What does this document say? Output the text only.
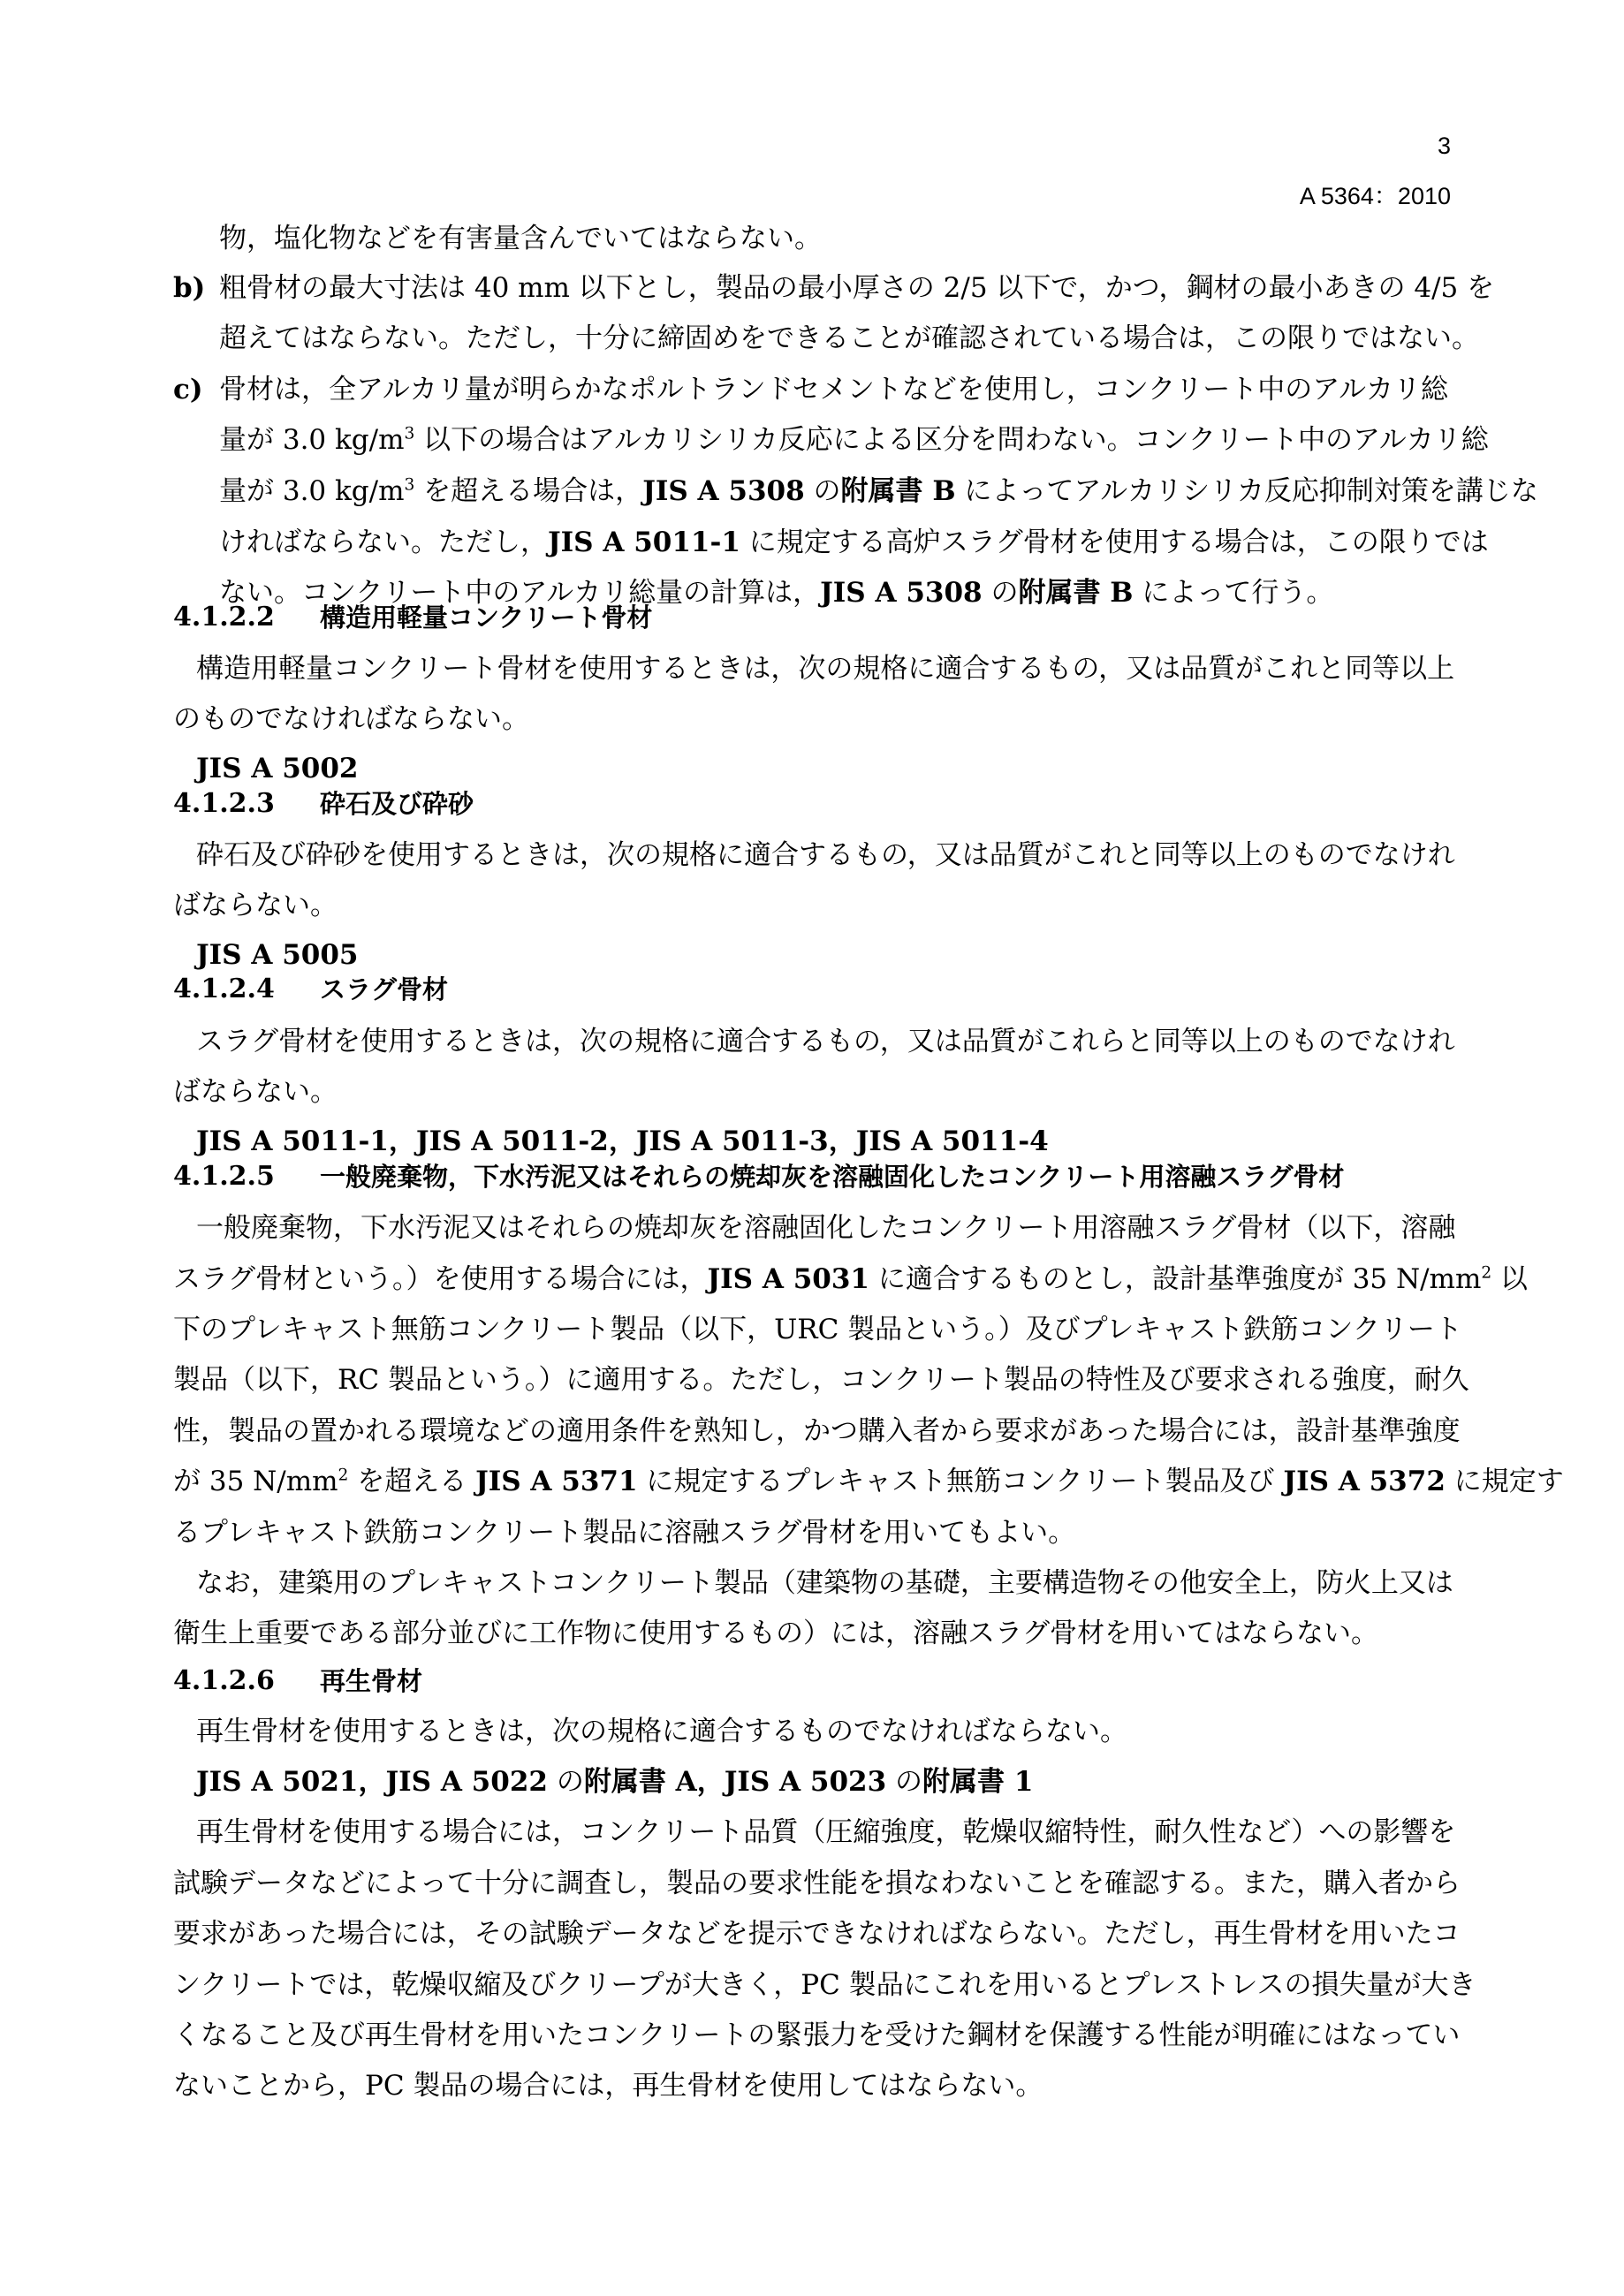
3
A 5364：2010
b)
c)
4.1.2.2 構造用軽量コンクリート骨材
4.1.2.3 砕石及び砕砂
4.1.2.4 スラグ骨材
4.1.2.5 一般廃棄物，下水汚泥又はそれらの焼却灰を溶融固化したコンクリート用溶融スラグ骨材
4.1.2.6 再生骨材
物，塩化物などを有害量含んでいてはならない。
粗骨材の最大寸法は 40 mm 以下とし，製品の最小厚さの 2/5 以下で，かつ，鋼材の最小あきの 4/5 を
超えてはならない。ただし，十分に締固めをできることが確認されている場合は，この限りではない。
骨材は，全アルカリ量が明らかなポルトランドセメントなどを使用し，コンクリート中のアルカリ総
量が 3.0 $kg/m^3$ 以下の場合はアルカリシリカ反応による区分を問わない。コンクリート中のアルカリ総
量が 3.0 $kg/m^3$ を超える場合は，JIS A 5308 の附属書 B によってアルカリシリカ反応抑制対策を講じな
ければならない。ただし，JIS A 5011-1 に規定する高炉スラグ骨材を使用する場合は，この限りでは
ない。コンクリート中のアルカリ総量の計算は，JIS A 5308 の附属書 B によって行う。
構造用軽量コンクリート骨材を使用するときは，次の規格に適合するもの，又は品質がこれと同等以上
のものでなければならない。
JIS A 5002
砕石及び砕砂を使用するときは，次の規格に適合するもの，又は品質がこれと同等以上のものでなけれ
ばならない。
JIS A 5005
スラグ骨材を使用するときは，次の規格に適合するもの，又は品質がこれらと同等以上のものでなけれ
ばならない。
JIS A 5011-1，JIS A 5011-2，JIS A 5011-3，JIS A 5011-4
一般廃棄物，下水汚泥又はそれらの焼却灰を溶融固化したコンクリート用溶融スラグ骨材（以下，溶融
スラグ骨材という。）を使用する場合には，JIS A 5031 に適合するものとし，設計基準強度が 35 $N/mm^2$ 以
下のプレキャスト無筋コンクリート製品（以下，URC 製品という。）及びプレキャスト鉄筋コンクリート
製品（以下，RC 製品という。）に適用する。ただし，コンクリート製品の特性及び要求される強度，耐久
性，製品の置かれる環境などの適用条件を熟知し，かつ購入者から要求があった場合には，設計基準強度
が 35 $N/mm^2$ を超える JIS A 5371 に規定するプレキャスト無筋コンクリート製品及び JIS A 5372 に規定す
るプレキャスト鉄筋コンクリート製品に溶融スラグ骨材を用いてもよい。
なお，建築用のプレキャストコンクリート製品（建築物の基礎，主要構造物その他安全上，防火上又は
衛生上重要である部分並びに工作物に使用するもの）には，溶融スラグ骨材を用いてはならない。
再生骨材を使用するときは，次の規格に適合するものでなければならない。
JIS A 5021，JIS A 5022 の附属書 A，JIS A 5023 の附属書 1
再生骨材を使用する場合には，コンクリート品質（圧縮強度，乾燥収縮特性，耐久性など）への影響を
試験データなどによって十分に調査し，製品の要求性能を損なわないことを確認する。また，購入者から
要求があった場合には，その試験データなどを提示できなければならない。ただし，再生骨材を用いたコ
ンクリートでは，乾燥収縮及びクリープが大きく，PC 製品にこれを用いるとプレストレスの損失量が大き
くなること及び再生骨材を用いたコンクリートの緊張力を受けた鋼材を保護する性能が明確にはなってい
ないことから，PC 製品の場合には，再生骨材を使用してはならない。
